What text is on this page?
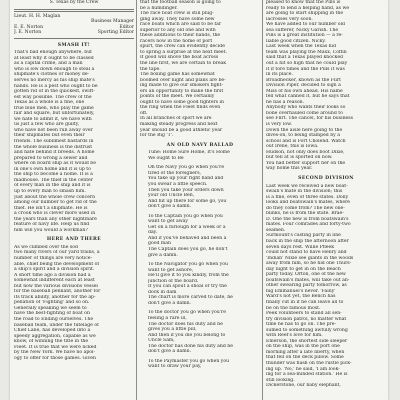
S. Texas by the Crew
Lieut. H. H. Maglan
Business Manager
E. E. Norton	Editor
J. E. Norton	Sporting Editor
SMASH IT!
That's bad enough anywhere, but
at least why it ought to be classed
as a capital crime, and a man
who is low down enough to steal a
shipmate's clothes or money de-
serves no mercy as his ship mate's
hands. He is a pest who ought to be
gotten rid of in the quickest, swift-
est way possible. The crew of the
Texas as a whole is a fine, one
true blue men, who play the game
fair and square, but unfortunately,
we hate to admit it, we have with
us just a few who are guilty,
who have not been run away over
their shipmates but even their
friends. The sublimest bastards in
the whole business is the distrust
and hate behind it breeds. A home
prepared to wrong a sewer and
where on board ship as it would be
in one's own home and it is up to
the ship to become a home. It is a
madhouse. The thief in the center
of every man in the ship and it is
up to every man to smash him.
Just about the whole crew concern
among our number to get rid of the
thief. He isn't a shipmate. He is
a crook who is clever more used in
the years than any other nightmare
feature of navy life. Help us find
him will you would a workman?
HERE AND THERE
As we climbed over the sod
two many rivers of our yard trains, a
number of things are very notice-
able, chief being the development of
a ship's spirit and a division spirit.
A short time ago a division had a
somewhat indifferent each at least
but now the various divisions vessel
for the baseball pennant, another for
its track ability, another for the ap-
pellation of 'Fighting' and so on.
Generally speaking we seem to
have the best-fighting of boat on
the road to Ending ourselves. The
baseball team, under the tutelage of
Chief Lane, has developed into a
speedy aggregation, capable as we
know, of winning the title in the
Fleet. It is true that we were licked
by the New York. We have no apol-
ogy to offer for those games. Given
that the football season is going to
be a humdinger.
The race boat crew is still plug-
ging away. They have some new
race boats which are said to be far
superior to any old one and with
these additions to their hands, the
racers now in the home of port
spurt, the crew can evidently decide
to spring a surprise at the next meet.
If good will shove the boat across
the line first, we are certain to break
the tape.
The boxing game has somewhat
boomed over night and plans are be-
ing made to give our smokers fight-
ers an opportunity to make the first
points of the meet. We certainly
ought to have some good fighters in
the ring when the Fleet finds even
off.
In all branches of sport we are
making steady progress and next
year should be a good athletic year
for the Big 'T'.
AN OLD NAVY BALLAD
Tune: Home Sure Home, It's Home
We ought to Be
Oh the Navy you go when you're
tired of the foreigners,
You take up your right hand and
you swear a little speech.
Then you take your orders down
your old Uncle Ben,
And hit up there for some go, you
don't give a damn.
To the Captain you go when you
want to get away
Get on a furlough for a week or a
day.
And if you've behaved and been a
good man
The Captain does you go, he don't
give a damn.
To the Navigator you go when you
want to get ashore,
He'll give it to you kindly, from the
junction of the board.
If you can spout a shoal or try the
dock in dam
The chart is more carved to date, he
don't give a damn.
To the doctor you go when you're
feeling a rare ill,
The doctor does his duty and he
gives you a little pill,
And then if you die you belong to
Uncle Sam,
The doctor has done his duty and he
don't give a damn.
To the Paymaster you go when you
want to draw your pay,
pleased to know that the Pills is
ready to lend a helping hand, as we
are going to start shipping in the
lacrosses very soon.
We have added to our number old
sea sufferer, Nicky Garish. The
Pills is a great institution — a re-
liable good citizen. Nicky.
Last week when the Texas hid
team was playing the Maxx, Coffin
said that a Texas played knocked
out a hit so high that he could play
it if tore times and the Pills it was
in its place.
Broadhecker, known as the Flirt
Division Piper, decided to sign a
Miss of his own ahead. His name
fell what canned it, but he says that
he has a reason.
Anybody who wants their looks so
bone overhauled come around to
see Flirt. The cancel, for his business
is very low.
Down the aisle here going to the
dives-on, to being stamped by a
school and is Fort Cholend. Watch
out Irene, this is Iowa.
Hudson, not only does boot Dixie,
but tell at is sported on now.
You had better support her on the
way home this year.
SECOND DIVISION
Last week we received a new boat-
swain's mate in the division; this
is a fine, even of three states. Dolly
looks and boatswain's mates, where
do they come from? The new one-
blinks, he is from the state. Brae-
D. One the new is from boatswain's
mates. Four comrades and forty-two
seamen.
Surmount's casting party in line
back in the ship the afternoon after
seven days rest. Willie Pfleek
could not stand to have Henry and
'Indian' Nixie see giants in the woods
away from him, so he hid one Thurs-
day night to get in on the Beach
party today. Orton, one of the new
boatswain's mates, will take out an-
other swearing party tomorrow, as
big Emmanuel's never. 'Fainy'
Ward's not yet, the Bench has
finally cut in if he can leave all to
be on the famous most.
Peek volunteers to stand all sen-
try division patrol, no matter what
time he has to go on. The pre-
sumed to something awfully wrong
with Reef's love for him.
Emerson, the shortest side sleeper
on the ship, was in the port one
morning after a late liberty, when
that fell on the deck pillow. Some
thunder was flash on the rustle pick-
ing up. 'No,' he said, 'I am look-
ing for a sea-minded station.' He is
still looking.
Dickerstone, our baby elephant,
